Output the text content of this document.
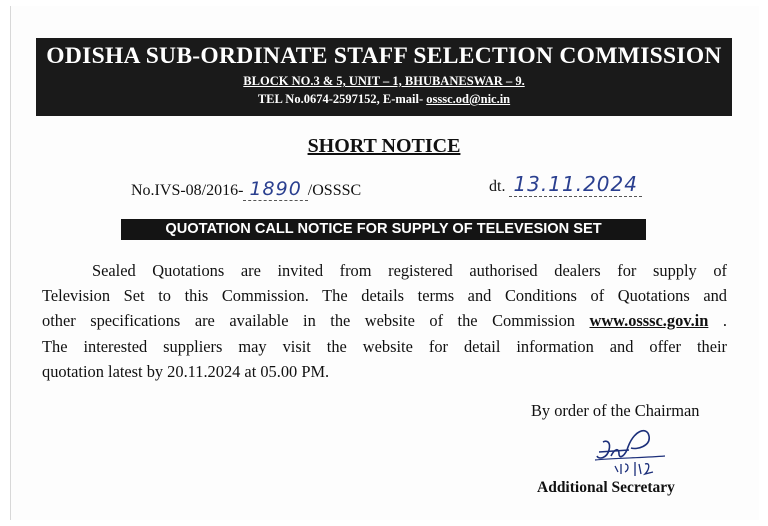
ODISHA SUB-ORDINATE STAFF SELECTION COMMISSION
BLOCK NO.3 & 5, UNIT – 1, BHUBANESWAR – 9.
TEL No.0674-2597152, E-mail- osssc.od@nic.in
SHORT NOTICE
No.IVS-08/2016- 1890 /OSSSC	dt. 13.11.2024
QUOTATION CALL NOTICE FOR SUPPLY OF TELEVESION SET
Sealed Quotations are invited from registered authorised dealers for supply of
Television Set to this Commission. The details terms and Conditions of Quotations and
other specifications are available in the website of the Commission www.osssc.gov.in .
The interested suppliers may visit the website for detail information and offer their
quotation latest by 20.11.2024 at 05.00 PM.
By order of the Chairman
Additional Secretary
